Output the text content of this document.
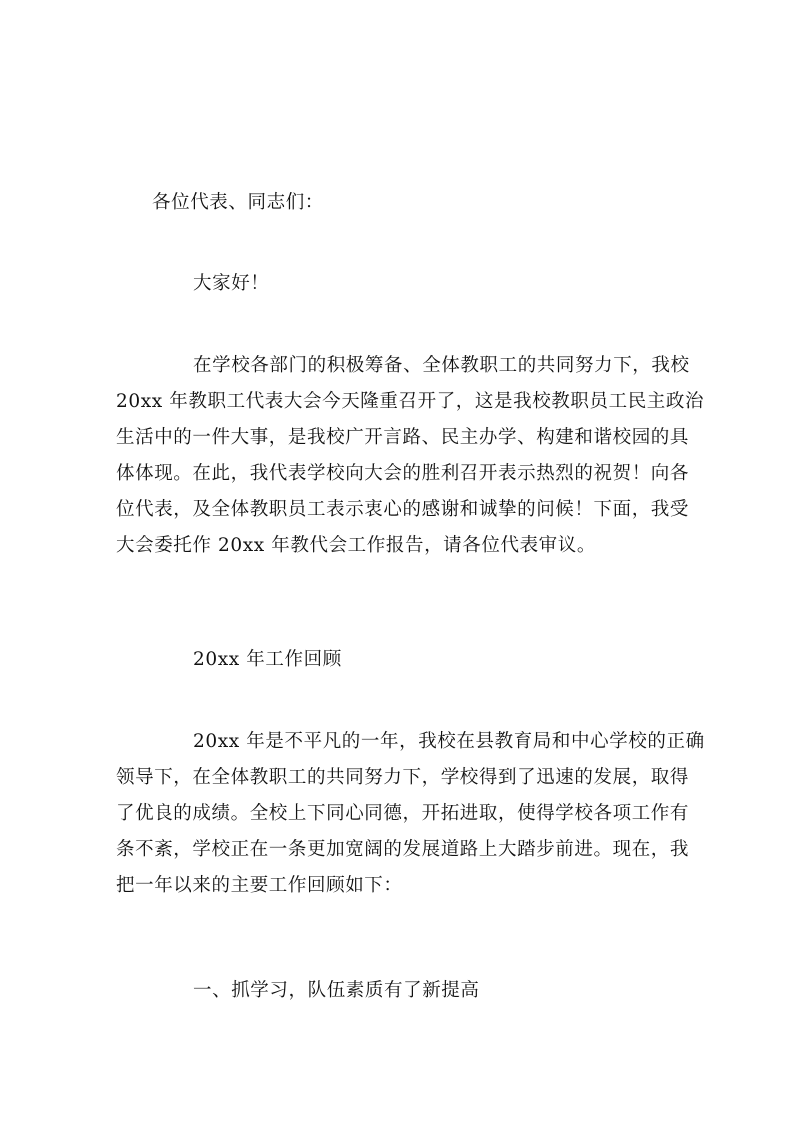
各位代表、同志们：
大家好！
在学校各部门的积极筹备、全体教职工的共同努力下，我校
20xx 年教职工代表大会今天隆重召开了，这是我校教职员工民主政治
生活中的一件大事，是我校广开言路、民主办学、构建和谐校园的具
体体现。在此，我代表学校向大会的胜利召开表示热烈的祝贺！向各
位代表，及全体教职员工表示衷心的感谢和诚挚的问候！下面，我受
大会委托作 20xx 年教代会工作报告，请各位代表审议。
20xx 年工作回顾
20xx 年是不平凡的一年，我校在县教育局和中心学校的正确
领导下，在全体教职工的共同努力下，学校得到了迅速的发展，取得
了优良的成绩。全校上下同心同德，开拓进取，使得学校各项工作有
条不紊，学校正在一条更加宽阔的发展道路上大踏步前进。现在，我
把一年以来的主要工作回顾如下：
一、抓学习，队伍素质有了新提高
